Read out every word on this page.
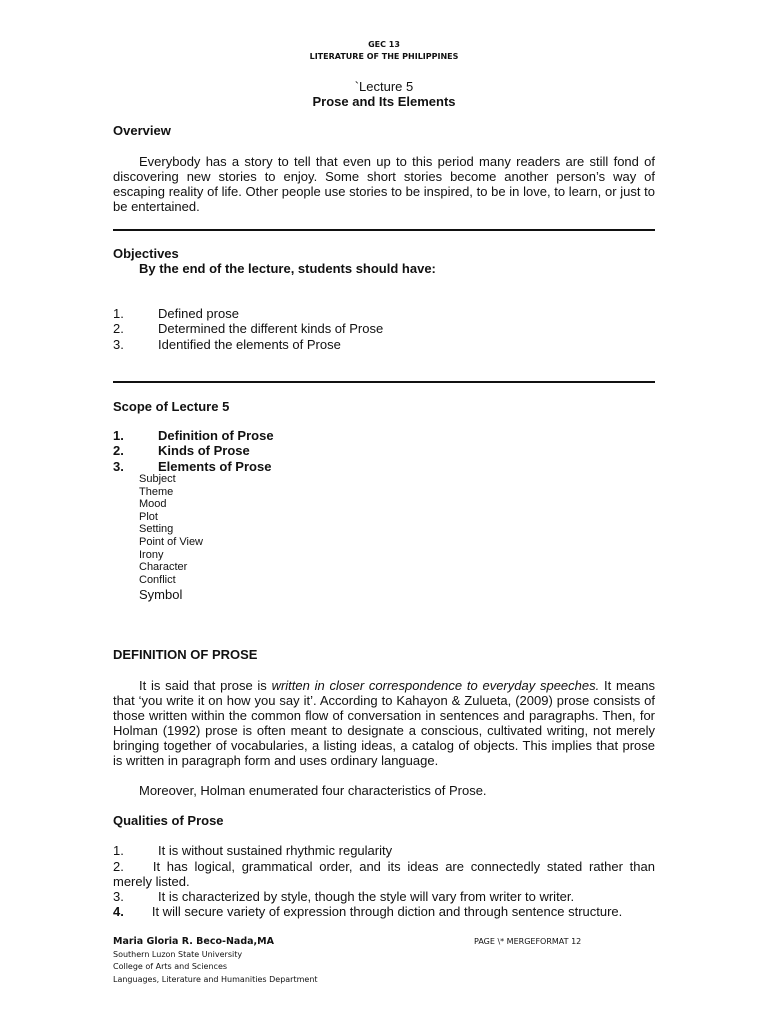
GEC 13
LITERATURE OF THE PHILIPPINES
`Lecture 5
Prose and Its Elements
Overview
Everybody has a story to tell that even up to this period many readers are still fond of discovering new stories to enjoy. Some short stories become another person’s way of escaping reality of life. Other people use stories to be inspired, to be in love, to learn, or just to be entertained.
Objectives
By the end of the lecture, students should have:
1.	Defined prose
2.	Determined the different kinds of Prose
3.	Identified the elements of Prose
Scope of Lecture 5
1.	Definition of Prose
2.	Kinds of Prose
3.	Elements of Prose
Subject
Theme
Mood
Plot
Setting
Point of View
Irony
Character
Conflict
Symbol
DEFINITION OF PROSE
It is said that prose is written in closer correspondence to everyday speeches. It means that ‘you write it on how you say it’. According to Kahayon & Zulueta, (2009) prose consists of those written within the common flow of conversation in sentences and paragraphs. Then, for Holman (1992) prose is often meant to designate a conscious, cultivated writing, not merely bringing together of vocabularies, a listing ideas, a catalog of objects. This implies that prose is written in paragraph form and uses ordinary language.
Moreover, Holman enumerated four characteristics of Prose.
Qualities of Prose
1.	It is without sustained rhythmic regularity
2. It has logical, grammatical order, and its ideas are connectedly stated rather than merely listed.
3.	It is characterized by style, though the style will vary from writer to writer.
4. It will secure variety of expression through diction and through sentence structure.
Maria Gloria R. Beco-Nada,MA	PAGE \* MERGEFORMAT 12
Southern Luzon State University
College of Arts and Sciences
Languages, Literature and Humanities Department
